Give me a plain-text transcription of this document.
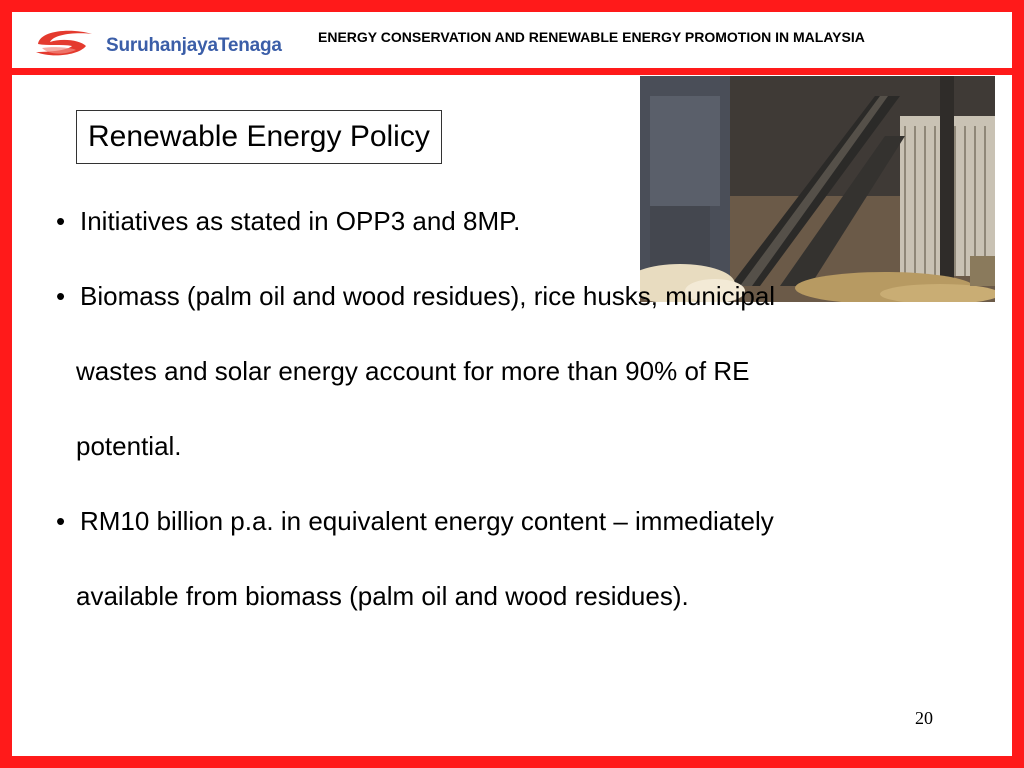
SuruhanjayaTenaga	ENERGY CONSERVATION AND RENEWABLE ENERGY PROMOTION IN MALAYSIA
Renewable Energy Policy
• Initiatives as stated in OPP3 and 8MP.
• Biomass (palm oil and wood residues), rice husks, municipal
wastes and solar energy account for more than 90% of RE
potential.
• RM10 billion p.a. in equivalent energy content – immediately
available from biomass (palm oil and wood residues).
20
